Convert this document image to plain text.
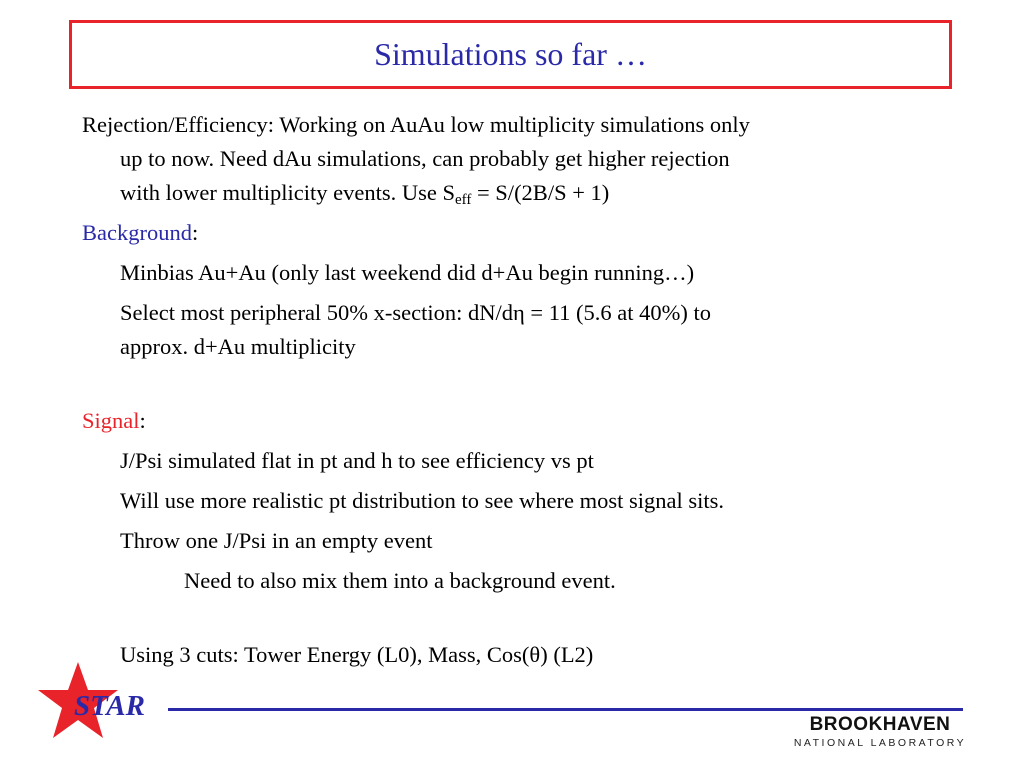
Simulations so far …
Rejection/Efficiency: Working on AuAu low multiplicity simulations only
up to now. Need dAu simulations, can probably get higher rejection
with lower multiplicity events. Use $S_{eff} = S/(2B/S + 1)$
Background:
Minbias Au+Au (only last weekend did d+Au begin running…)
Select most peripheral 50% x-section: dN/dη = 11 (5.6 at 40%) to
approx. d+Au multiplicity
Signal:
J/Psi simulated flat in pt and h to see efficiency vs pt
Will use more realistic pt distribution to see where most signal sits.
Throw one J/Psi in an empty event
Need to also mix them into a background event.
Using 3 cuts: Tower Energy (L0), Mass, Cos(θ) (L2)
STAR
BROOKHAVEN
NATIONAL LABORATORY
